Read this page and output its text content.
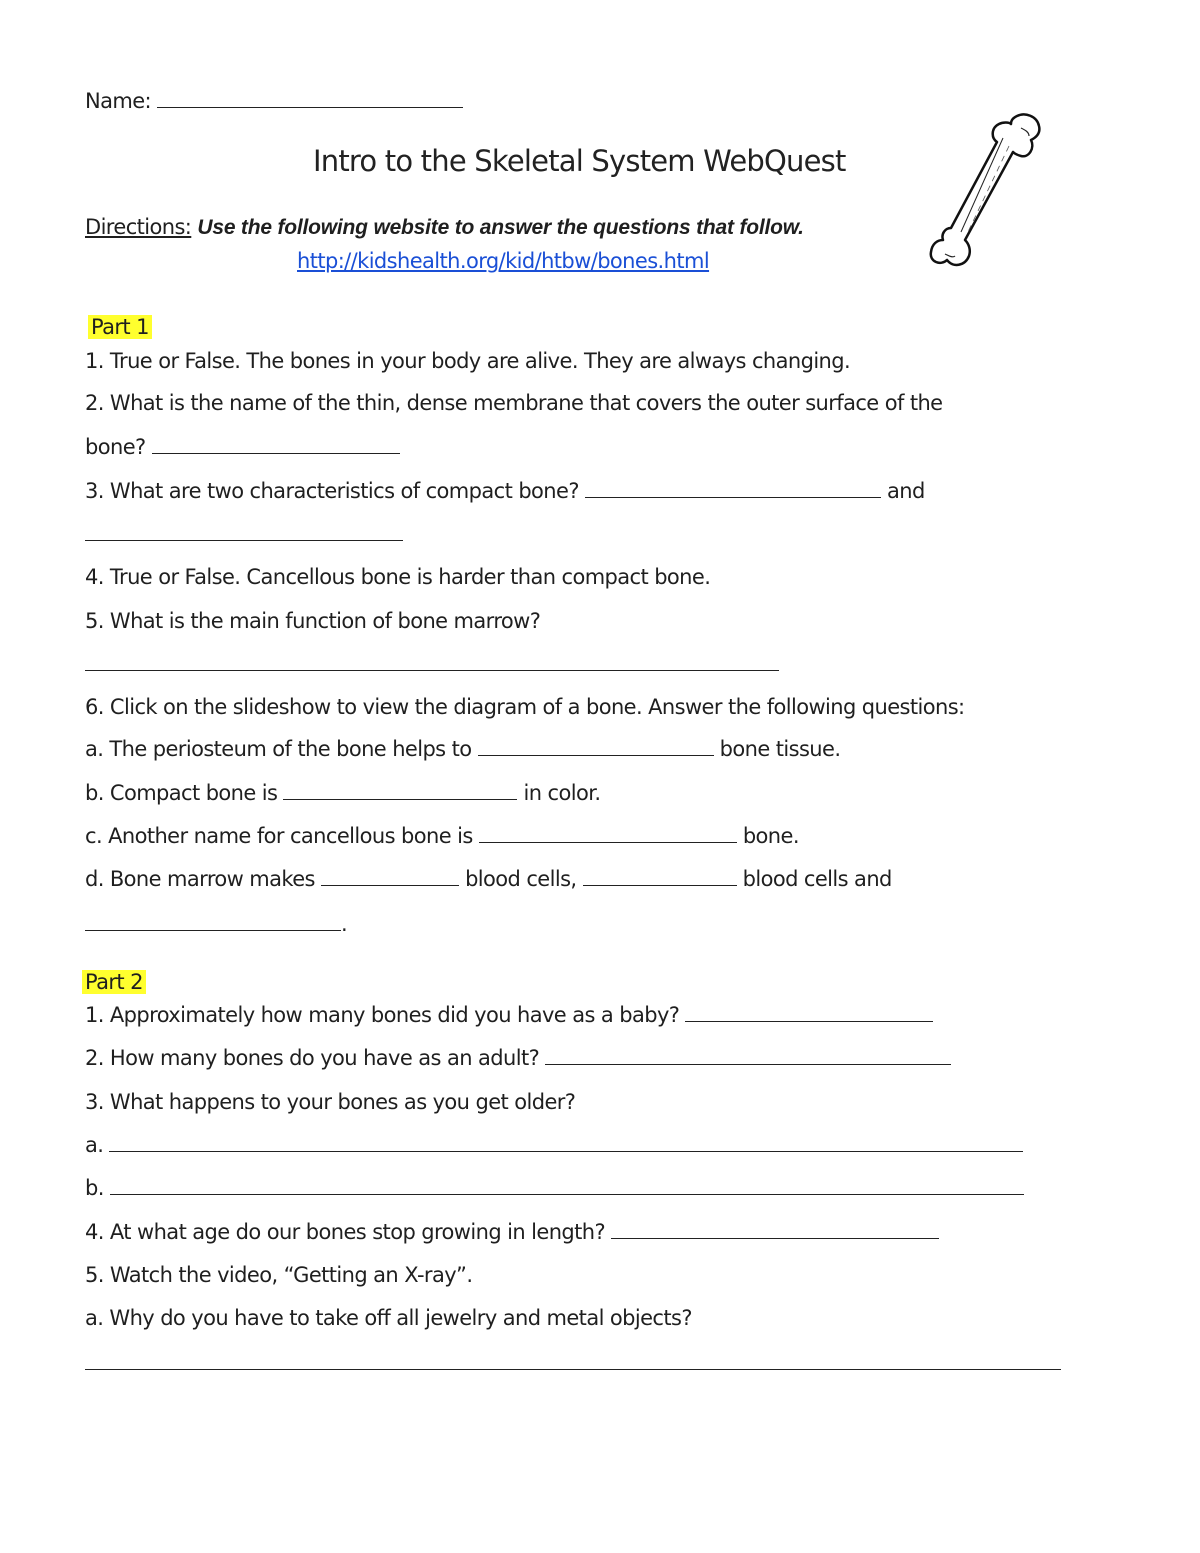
Name:
Intro to the Skeletal System WebQuest
Directions: Use the following website to answer the questions that follow.
http://kidshealth.org/kid/htbw/bones.html
Part 1
1. True or False. The bones in your body are alive. They are always changing.
2. What is the name of the thin, dense membrane that covers the outer surface of the
bone?
3. What are two characteristics of compact bone?	and
4. True or False. Cancellous bone is harder than compact bone.
5. What is the main function of bone marrow?
6. Click on the slideshow to view the diagram of a bone. Answer the following questions:
a. The periosteum of the bone helps to	bone tissue.
b. Compact bone is	in color.
c. Another name for cancellous bone is	bone.
d. Bone marrow makes	blood cells,	blood cells and
.
Part 2
1. Approximately how many bones did you have as a baby?
2. How many bones do you have as an adult?
3. What happens to your bones as you get older?
a.
b.
4. At what age do our bones stop growing in length?
5. Watch the video, “Getting an X-ray”.
a. Why do you have to take off all jewelry and metal objects?
